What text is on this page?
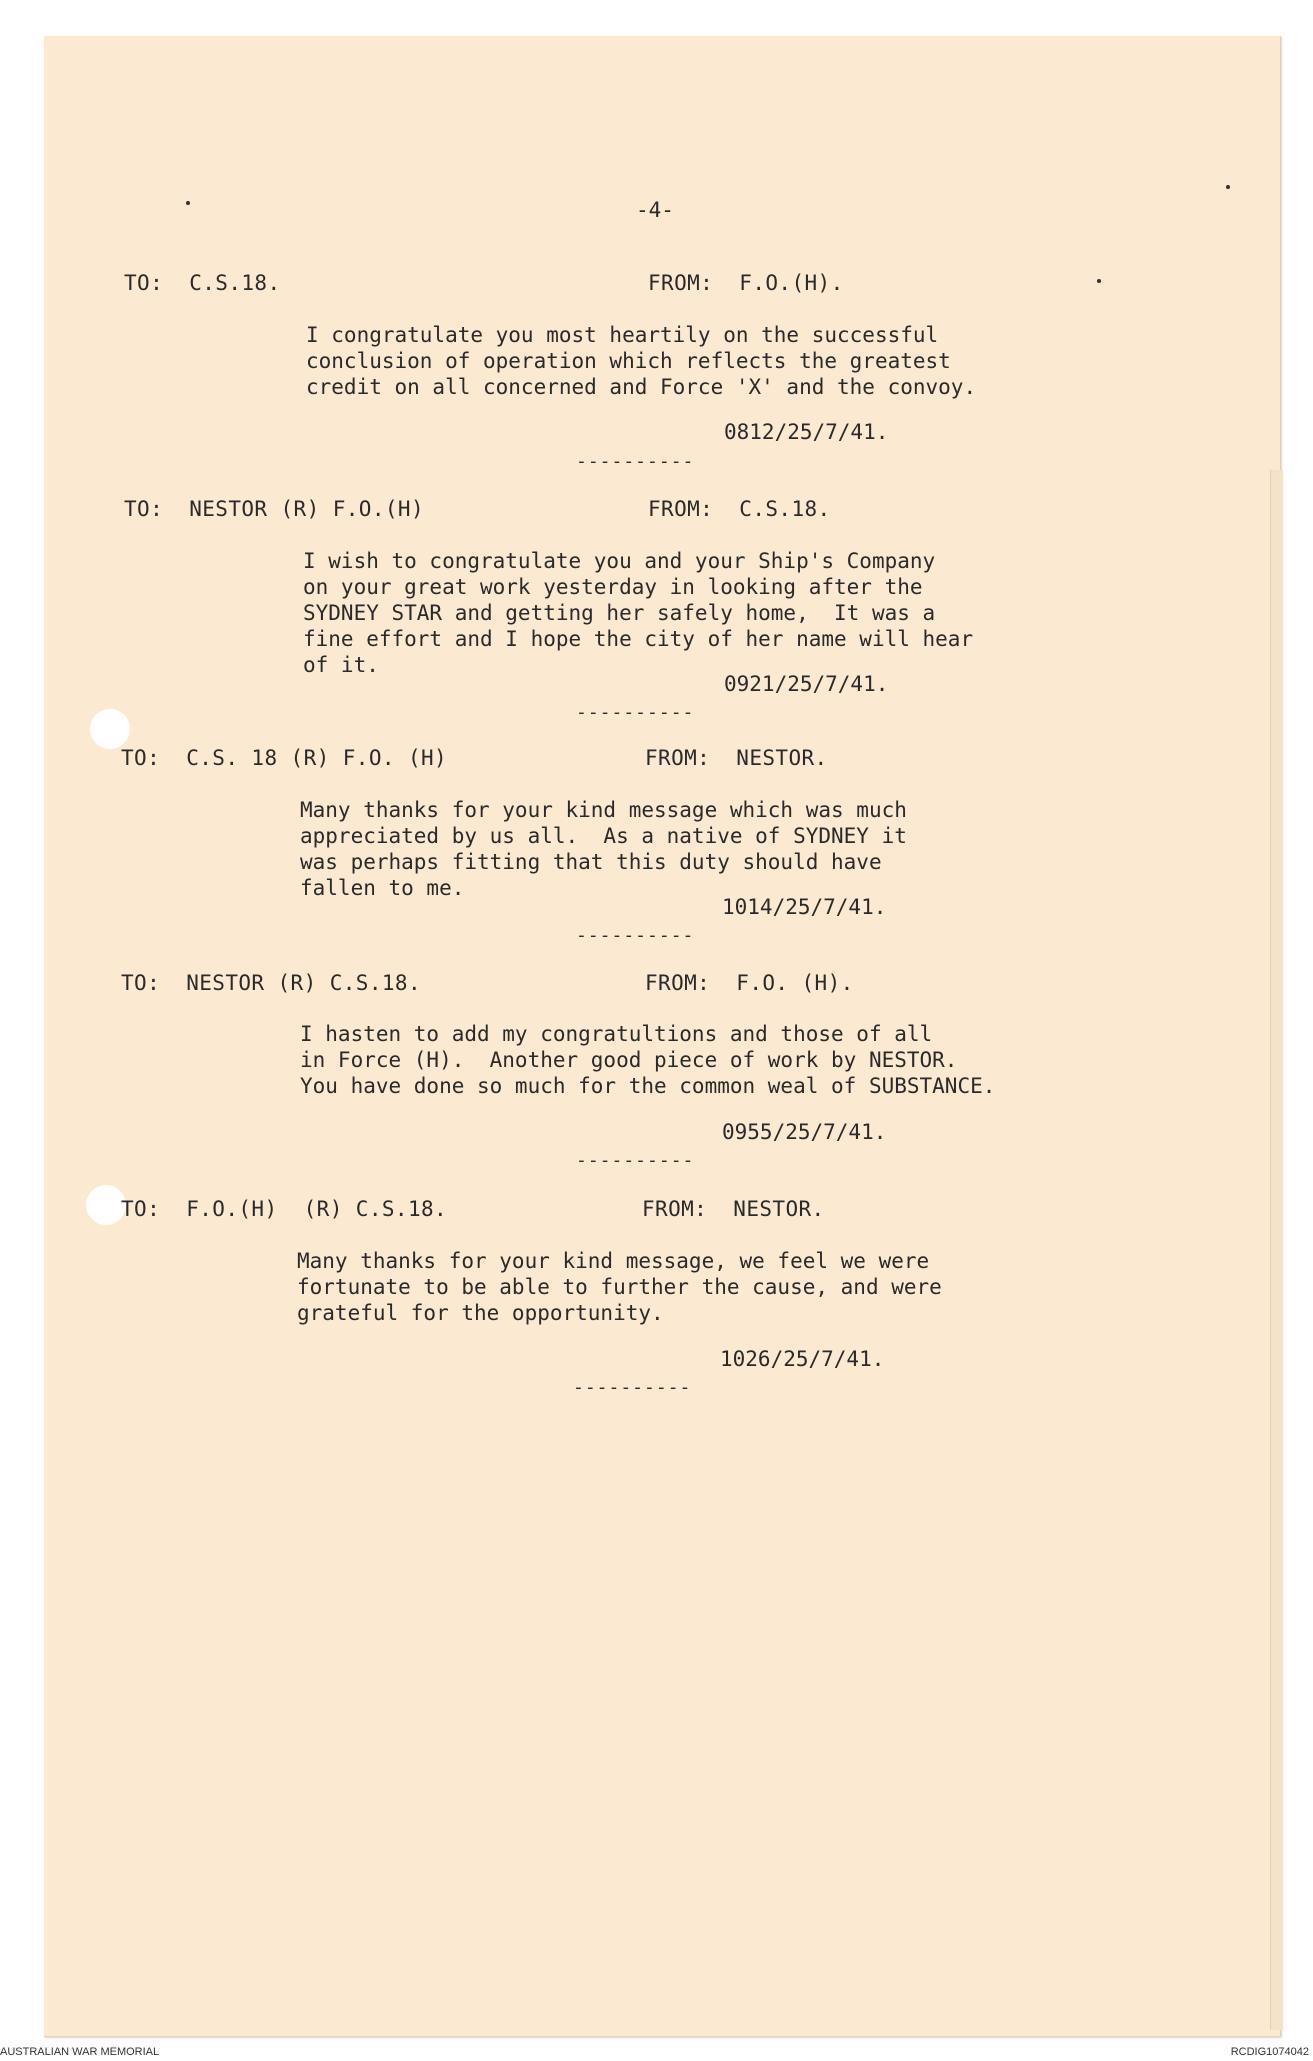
-4-
TO:  C.S.18.	FROM:  F.O.(H).
I congratulate you most heartily on the successful
conclusion of operation which reflects the greatest
credit on all concerned and Force 'X' and the convoy.
0812/25/7/41.
----------
TO:  NESTOR (R) F.O.(H)	FROM:  C.S.18.
I wish to congratulate you and your Ship's Company
on your great work yesterday in looking after the
SYDNEY STAR and getting her safely home,  It was a
fine effort and I hope the city of her name will hear
of it.
0921/25/7/41.
----------
TO:  C.S. 18 (R) F.O. (H)	FROM:  NESTOR.
Many thanks for your kind message which was much
appreciated by us all.  As a native of SYDNEY it
was perhaps fitting that this duty should have
fallen to me.
1014/25/7/41.
----------
TO:  NESTOR (R) C.S.18.	FROM:  F.O. (H).
I hasten to add my congratultions and those of all
in Force (H).  Another good piece of work by NESTOR.
You have done so much for the common weal of SUBSTANCE.
0955/25/7/41.
----------
TO:  F.O.(H)  (R) C.S.18.	FROM:  NESTOR.
Many thanks for your kind message, we feel we were
fortunate to be able to further the cause, and were
grateful for the opportunity.
1026/25/7/41.
----------
AUSTRALIAN WAR MEMORIAL	RCDIG1074042
